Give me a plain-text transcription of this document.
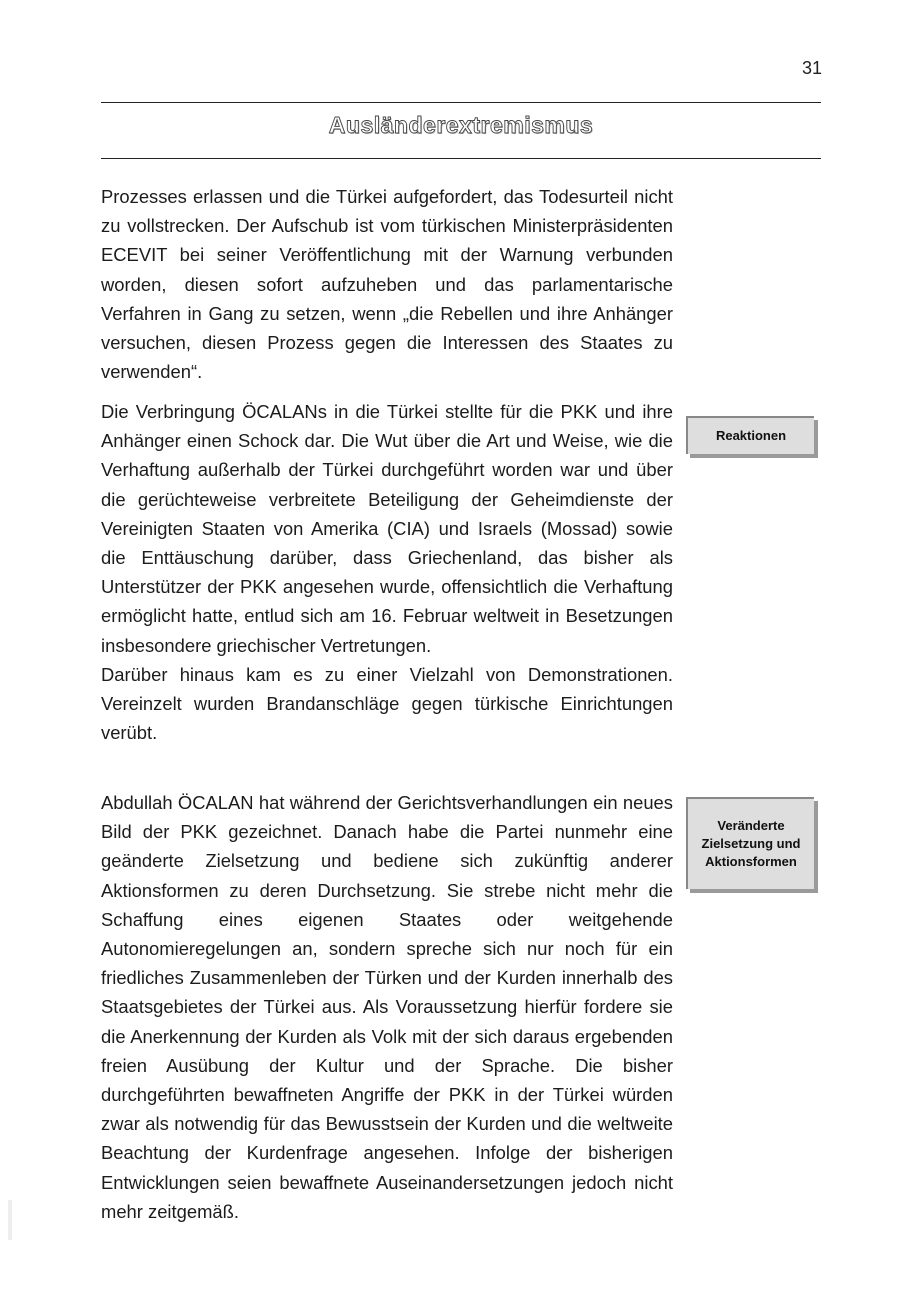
31
Ausländerextremismus

Prozesses erlassen und die Türkei aufgefordert, das Todesurteil nicht zu vollstrecken. Der Aufschub ist vom türkischen Ministerpräsidenten ECEVIT bei seiner Veröffentlichung mit der Warnung verbunden worden, diesen sofort aufzuheben und das parlamentarische Verfahren in Gang zu setzen, wenn „die Rebellen und ihre Anhänger versuchen, diesen Prozess gegen die Interessen des Staates zu verwenden“.

Die Verbringung ÖCALANs in die Türkei stellte für die PKK und ihre Anhänger einen Schock dar. Die Wut über die Art und Weise, wie die Verhaftung außerhalb der Türkei durchgeführt worden war und über die gerüchteweise verbreitete Beteiligung der Geheimdienste der Vereinigten Staaten von Amerika (CIA) und Israels (Mossad) sowie die Enttäuschung darüber, dass Griechenland, das bisher als Unterstützer der PKK angesehen wurde, offensichtlich die Verhaftung ermöglicht hatte, entlud sich am 16. Februar weltweit in Besetzungen insbesondere griechischer Vertretungen.

Darüber hinaus kam es zu einer Vielzahl von Demonstrationen. Vereinzelt wurden Brandanschläge gegen türkische Einrichtungen verübt.

Abdullah ÖCALAN hat während der Gerichtsverhandlungen ein neues Bild der PKK gezeichnet. Danach habe die Partei nunmehr eine geänderte Zielsetzung und bediene sich zukünftig anderer Aktionsformen zu deren Durchsetzung. Sie strebe nicht mehr die Schaffung eines eigenen Staates oder weitgehende Autonomieregelungen an, sondern spreche sich nur noch für ein friedliches Zusammenleben der Türken und der Kurden innerhalb des Staatsgebietes der Türkei aus. Als Voraussetzung hierfür fordere sie die Anerkennung der Kurden als Volk mit der sich daraus ergebenden freien Ausübung der Kultur und der Sprache. Die bisher durchgeführten bewaffneten Angriffe der PKK in der Türkei würden zwar als notwendig für das Bewusstsein der Kurden und die weltweite Beachtung der Kurdenfrage angesehen. Infolge der bisherigen Entwicklungen seien bewaffnete Auseinandersetzungen jedoch nicht mehr zeitgemäß.

Reaktionen
Veränderte Zielsetzung und Aktionsformen
